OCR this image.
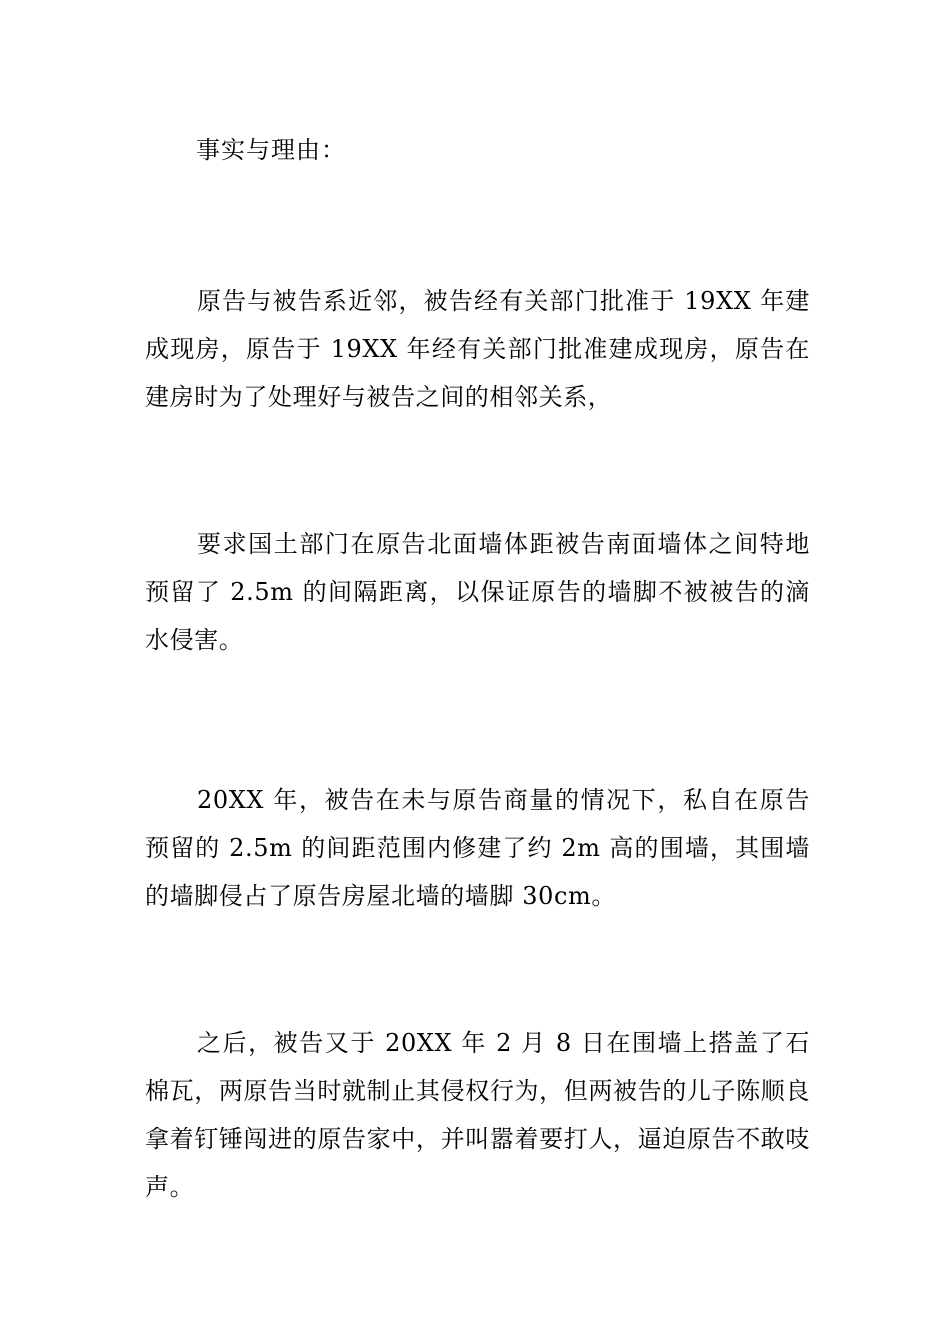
事实与理由：

原告与被告系近邻，被告经有关部门批准于 19XX 年建成现房，原告于 19XX 年经有关部门批准建成现房，原告在建房时为了处理好与被告之间的相邻关系，

要求国土部门在原告北面墙体距被告南面墙体之间特地预留了 2.5m 的间隔距离，以保证原告的墙脚不被被告的滴水侵害。

20XX 年，被告在未与原告商量的情况下，私自在原告预留的 2.5m 的间距范围内修建了约 2m 高的围墙，其围墙的墙脚侵占了原告房屋北墙的墙脚 30cm。

之后，被告又于 20XX 年 2 月 8 日在围墙上搭盖了石棉瓦，两原告当时就制止其侵权行为，但两被告的儿子陈顺良拿着钉锤闯进的原告家中，并叫嚣着要打人，逼迫原告不敢吱声。
